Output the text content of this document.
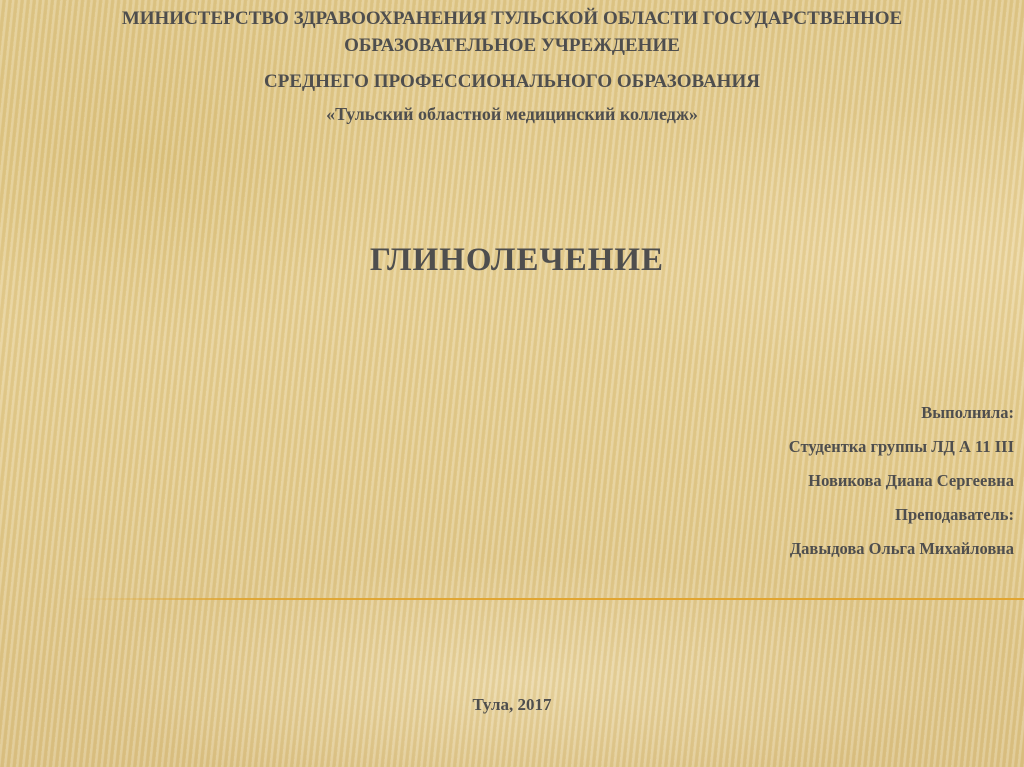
МИНИСТЕРСТВО ЗДРАВООХРАНЕНИЯ ТУЛЬСКОЙ ОБЛАСТИ ГОСУДАРСТВЕННОЕ
ОБРАЗОВАТЕЛЬНОЕ УЧРЕЖДЕНИЕ
СРЕДНЕГО ПРОФЕССИОНАЛЬНОГО ОБРАЗОВАНИЯ
«Тульский областной медицинский колледж»
ГЛИНОЛЕЧЕНИЕ
Выполнила:
Студентка группы ЛД А 11 III
Новикова Диана Сергеевна
Преподаватель:
Давыдова Ольга Михайловна
Тула, 2017
